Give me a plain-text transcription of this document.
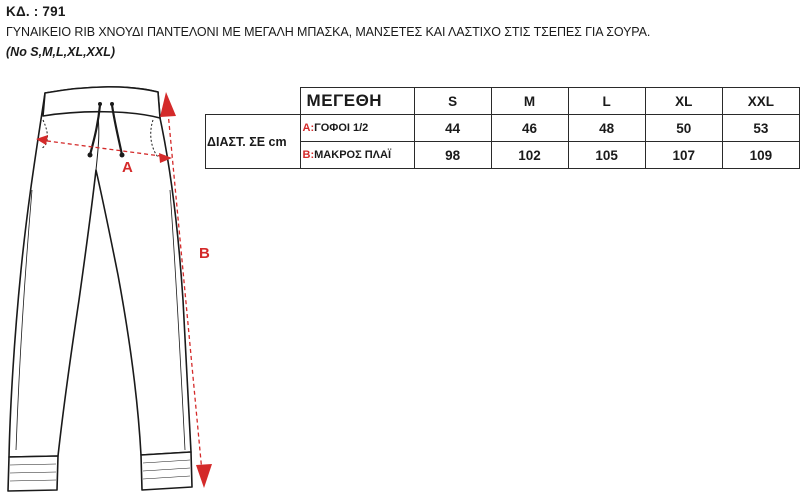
ΚΔ. : 791
ΓΥΝΑΙΚΕΙΟ RIB ΧΝΟΥΔΙ ΠΑΝΤΕΛΟΝΙ ΜΕ ΜΕΓΑΛΗ ΜΠΑΣΚΑ, ΜΑΝΣΕΤΕΣ ΚΑΙ ΛΑΣΤΙΧΟ ΣΤΙΣ ΤΣΕΠΕΣ ΓΙΑ ΣΟΥΡΑ.
(No S,M,L,XL,XXL)
A
B
	ΜΕΓΕΘΗ	S	M	L	XL	XXL
ΔΙΑΣΤ. ΣΕ cm	A:ΓΟΦΟΙ 1/2	44	46	48	50	53
	B:ΜΑΚΡΟΣ ΠΛΑΪ	98	102	105	107	109
